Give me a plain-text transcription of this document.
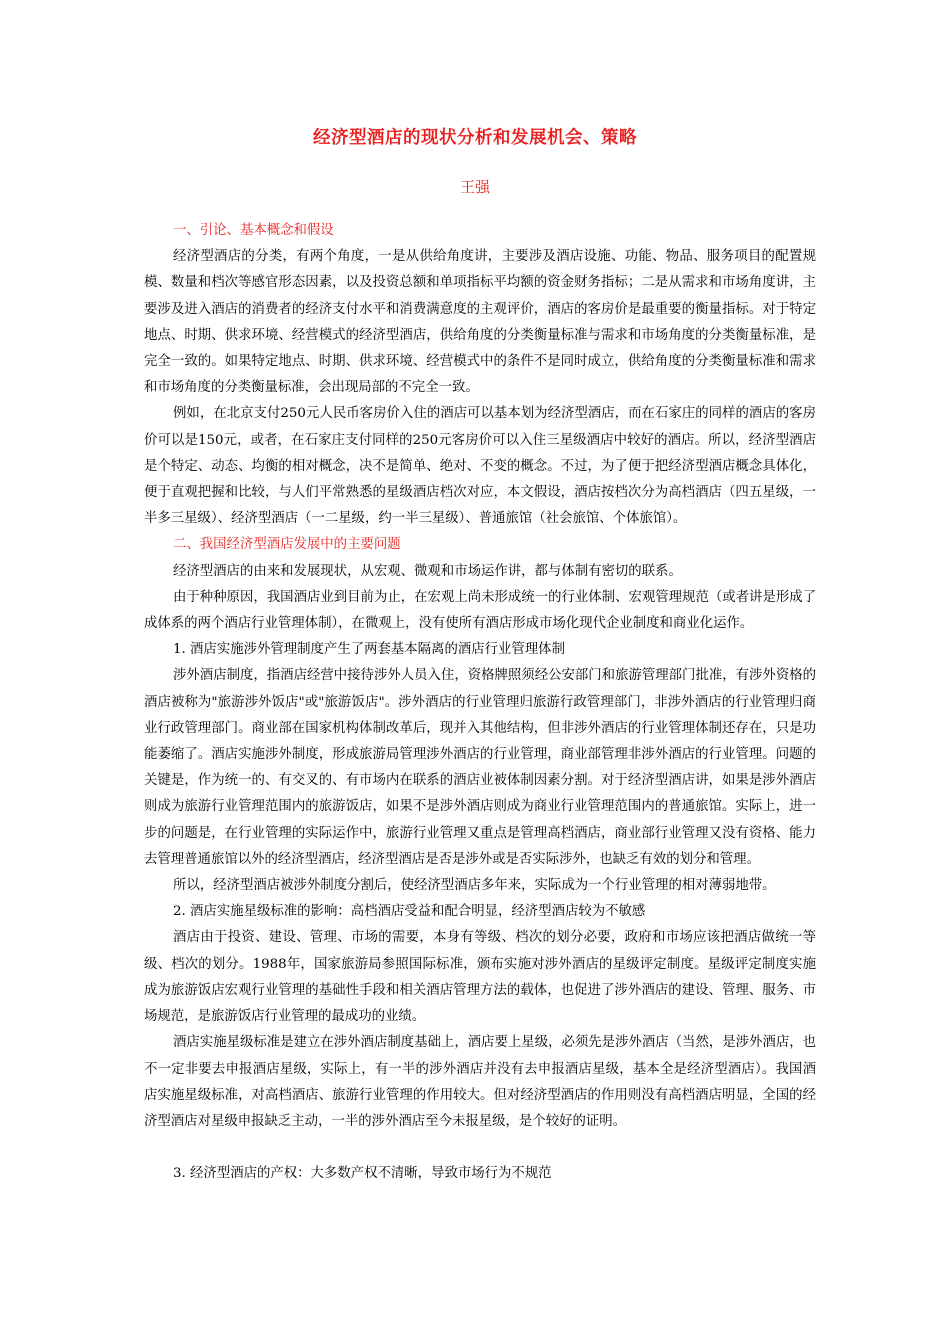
经济型酒店的现状分析和发展机会、策略
王强

一、引论、基本概念和假设

经济型酒店的分类，有两个角度，一是从供给角度讲，主要涉及酒店设施、功能、物品、服务项目的配置规模、数量和档次等感官形态因素，以及投资总额和单项指标平均额的资金财务指标；二是从需求和市场角度讲，主要涉及进入酒店的消费者的经济支付水平和消费满意度的主观评价，酒店的客房价是最重要的衡量指标。对于特定地点、时期、供求环境、经营模式的经济型酒店，供给角度的分类衡量标准与需求和市场角度的分类衡量标准，是完全一致的。如果特定地点、时期、供求环境、经营模式中的条件不是同时成立，供给角度的分类衡量标准和需求和市场角度的分类衡量标准，会出现局部的不完全一致。

例如，在北京支付250元人民币客房价入住的酒店可以基本划为经济型酒店，而在石家庄的同样的酒店的客房价可以是150元，或者，在石家庄支付同样的250元客房价可以入住三星级酒店中较好的酒店。所以，经济型酒店是个特定、动态、均衡的相对概念，决不是简单、绝对、不变的概念。不过，为了便于把经济型酒店概念具体化，便于直观把握和比较，与人们平常熟悉的星级酒店档次对应，本文假设，酒店按档次分为高档酒店（四五星级，一半多三星级）、经济型酒店（一二星级，约一半三星级）、普通旅馆（社会旅馆、个体旅馆）。

二、我国经济型酒店发展中的主要问题

经济型酒店的由来和发展现状，从宏观、微观和市场运作讲，都与体制有密切的联系。

由于种种原因，我国酒店业到目前为止，在宏观上尚未形成统一的行业体制、宏观管理规范（或者讲是形成了成体系的两个酒店行业管理体制），在微观上，没有使所有酒店形成市场化现代企业制度和商业化运作。

1. 酒店实施涉外管理制度产生了两套基本隔离的酒店行业管理体制

涉外酒店制度，指酒店经营中接待涉外人员入住，资格牌照须经公安部门和旅游管理部门批准，有涉外资格的酒店被称为"旅游涉外饭店"或"旅游饭店"。涉外酒店的行业管理归旅游行政管理部门，非涉外酒店的行业管理归商业行政管理部门。商业部在国家机构体制改革后，现并入其他结构，但非涉外酒店的行业管理体制还存在，只是功能萎缩了。酒店实施涉外制度，形成旅游局管理涉外酒店的行业管理，商业部管理非涉外酒店的行业管理。问题的关键是，作为统一的、有交叉的、有市场内在联系的酒店业被体制因素分割。对于经济型酒店讲，如果是涉外酒店则成为旅游行业管理范围内的旅游饭店，如果不是涉外酒店则成为商业行业管理范围内的普通旅馆。实际上，进一步的问题是，在行业管理的实际运作中，旅游行业管理又重点是管理高档酒店，商业部行业管理又没有资格、能力去管理普通旅馆以外的经济型酒店，经济型酒店是否是涉外或是否实际涉外，也缺乏有效的划分和管理。

所以，经济型酒店被涉外制度分割后，使经济型酒店多年来，实际成为一个行业管理的相对薄弱地带。

2. 酒店实施星级标准的影响：高档酒店受益和配合明显，经济型酒店较为不敏感

酒店由于投资、建设、管理、市场的需要，本身有等级、档次的划分必要，政府和市场应该把酒店做统一等级、档次的划分。1988年，国家旅游局参照国际标准，颁布实施对涉外酒店的星级评定制度。星级评定制度实施成为旅游饭店宏观行业管理的基础性手段和相关酒店管理方法的载体，也促进了涉外酒店的建设、管理、服务、市场规范，是旅游饭店行业管理的最成功的业绩。

酒店实施星级标准是建立在涉外酒店制度基础上，酒店要上星级，必须先是涉外酒店（当然，是涉外酒店，也不一定非要去申报酒店星级，实际上，有一半的涉外酒店并没有去申报酒店星级，基本全是经济型酒店）。我国酒店实施星级标准，对高档酒店、旅游行业管理的作用较大。但对经济型酒店的作用则没有高档酒店明显，全国的经济型酒店对星级申报缺乏主动，一半的涉外酒店至今未报星级，是个较好的证明。

3. 经济型酒店的产权：大多数产权不清晰，导致市场行为不规范
